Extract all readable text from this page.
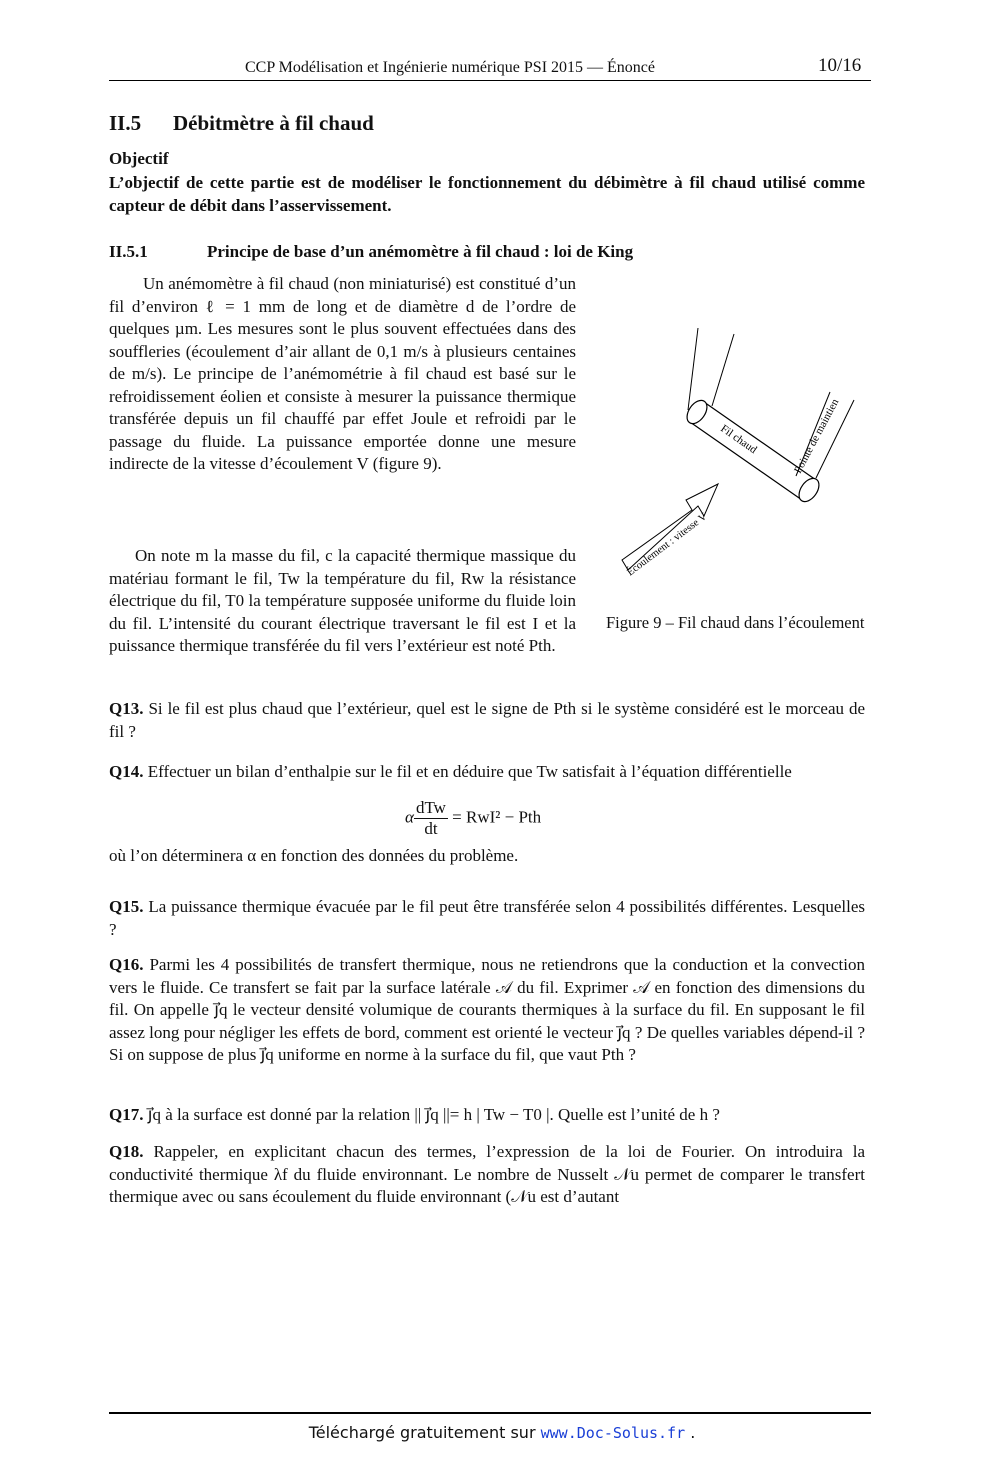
CCP Modélisation et Ingénierie numérique PSI 2015 — Énoncé	10/16
II.5 Débitmètre à fil chaud
Objectif
L’objectif de cette partie est de modéliser le fonctionnement du débimètre à fil chaud utilisé comme capteur de débit dans l’asservissement.
II.5.1	Principe de base d’un anémomètre à fil chaud : loi de King
Un anémomètre à fil chaud (non miniaturisé) est constitué d’un fil d’environ ℓ = 1 mm de long et de diamètre d de l’ordre de quelques µm. Les mesures sont le plus souvent effectuées dans des souffleries (écoulement d’air allant de 0,1 m/s à plusieurs centaines de m/s). Le principe de l’anémométrie à fil chaud est basé sur le refroidissement éolien et consiste à mesurer la puissance thermique transférée depuis un fil chauffé par effet Joule et refroidi par le passage du fluide. La puissance emportée donne une mesure indirecte de la vitesse d’écoulement V (figure 9).
On note m la masse du fil, c la capacité thermique massique du matériau formant le fil, Tw la température du fil, Rw la résistance électrique du fil, T0 la température supposée uniforme du fluide loin du fil. L’intensité du courant électrique traversant le fil est I et la puissance thermique transférée du fil vers l’extérieur est noté Pth.
Fil chaud	Pointe de maintien
Écoulement : vitesse V
Figure 9 – Fil chaud dans l’écoulement
Q13. Si le fil est plus chaud que l’extérieur, quel est le signe de Pth si le système considéré est le morceau de fil ?
Q14. Effectuer un bilan d’enthalpie sur le fil et en déduire que Tw satisfait à l’équation différentielle
α $\frac{\text{dTw}}{dt} = RwI^2$ − Pth
où l’on déterminera α en fonction des données du problème.
Q15. La puissance thermique évacuée par le fil peut être transférée selon 4 possibilités différentes. Lesquelles ?
Q16. Parmi les 4 possibilités de transfert thermique, nous ne retiendrons que la conduction et la convection vers le fluide. Ce transfert se fait par la surface latérale 𝒜 du fil. Exprimer 𝒜 en fonction des dimensions du fil. On appelle j⃗q le vecteur densité volumique de courants thermiques à la surface du fil. En supposant le fil assez long pour négliger les effets de bord, comment est orienté le vecteur j⃗q ? De quelles variables dépend-il ? Si on suppose de plus j⃗q uniforme en norme à la surface du fil, que vaut Pth ?
Q17. j⃗q à la surface est donné par la relation || j⃗q ||= h | Tw − T0 |. Quelle est l’unité de h ?
Q18. Rappeler, en explicitant chacun des termes, l’expression de la loi de Fourier. On introduira la conductivité thermique λf du fluide environnant. Le nombre de Nusselt 𝒩u permet de comparer le transfert thermique avec ou sans écoulement du fluide environnant (𝒩u est d’autant
Téléchargé gratuitement sur www.Doc-Solus.fr .
